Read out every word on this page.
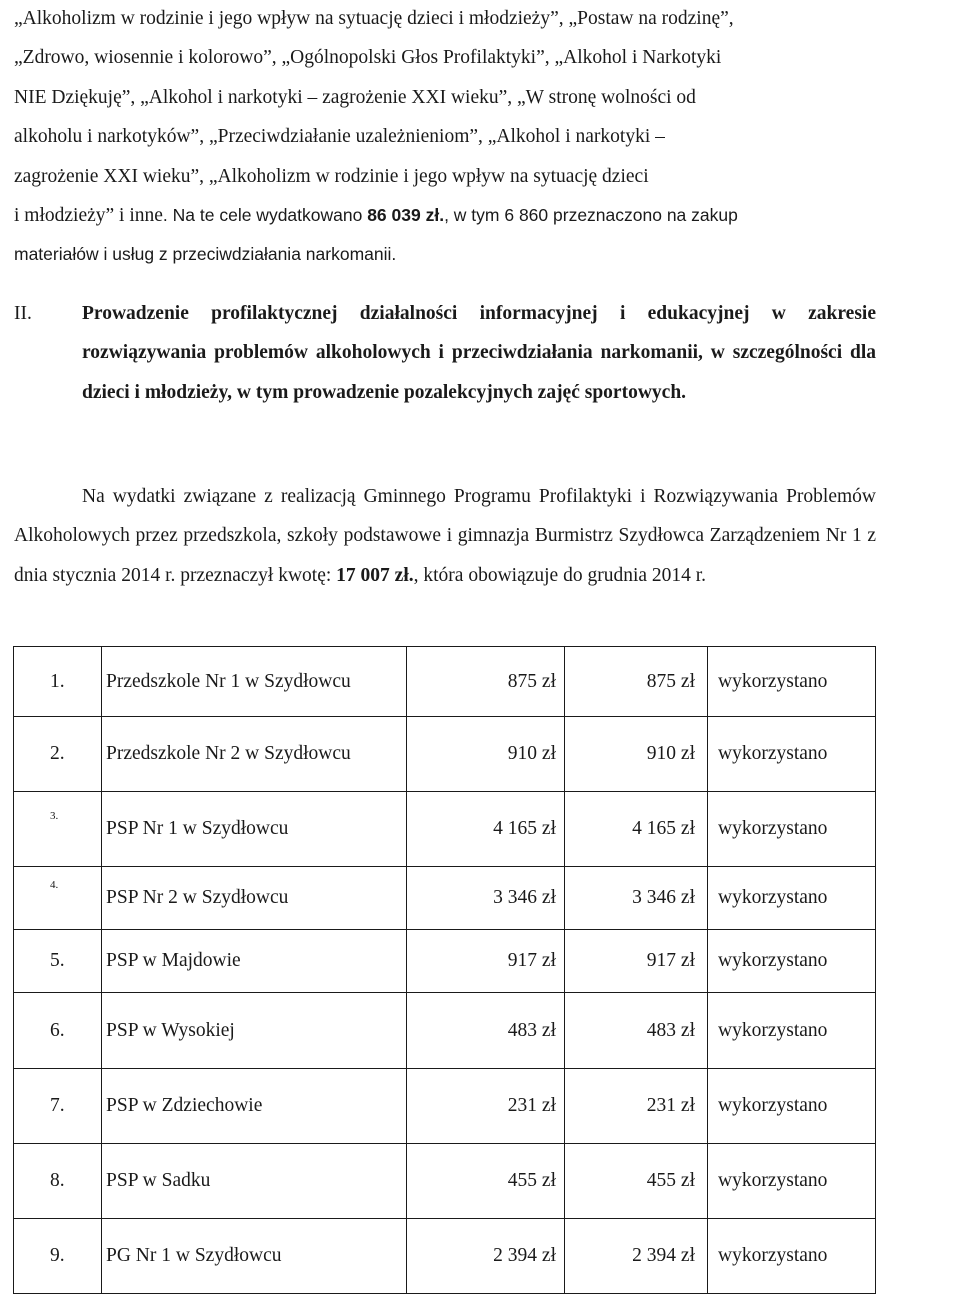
„Alkoholizm w rodzinie i jego wpływ na sytuację dzieci i młodzieży”, „Postaw na rodzinę”,
„Zdrowo, wiosennie i kolorowo”, „Ogólnopolski Głos Profilaktyki”, „Alkohol i Narkotyki
NIE Dziękuję”, „Alkohol i narkotyki – zagrożenie XXI wieku”, „W stronę wolności od
alkoholu i narkotyków”, „Przeciwdziałanie uzależnieniom”, „Alkohol i narkotyki –
zagrożenie XXI wieku”, „Alkoholizm w rodzinie i jego wpływ na sytuację dzieci
i młodzieży” i inne. Na te cele wydatkowano 86 039 zł., w tym 6 860 przeznaczono na zakup
materiałów i usług z przeciwdziałania narkomanii.

II.	Prowadzenie profilaktycznej działalności informacyjnej i edukacyjnej w zakresie rozwiązywania problemów alkoholowych i przeciwdziałania narkomanii, w szczególności dla dzieci i młodzieży, w tym prowadzenie pozalekcyjnych zajęć sportowych.

Na wydatki związane z realizacją Gminnego Programu Profilaktyki i Rozwiązywania Problemów Alkoholowych przez przedszkola, szkoły podstawowe i gimnazja Burmistrz Szydłowca Zarządzeniem Nr 1 z dnia stycznia 2014 r. przeznaczył kwotę: 17 007 zł., która obowiązuje do grudnia 2014 r.

1.	Przedszkole Nr 1 w Szydłowcu	875 zł	875 zł	wykorzystano
2.	Przedszkole Nr 2 w Szydłowcu	910 zł	910 zł	wykorzystano
$^{3.}$	PSP Nr 1 w Szydłowcu	4 165 zł	4 165 zł	wykorzystano
$^{4.}$	PSP Nr 2 w Szydłowcu	3 346 zł	3 346 zł	wykorzystano
5.	PSP w Majdowie	917 zł	917 zł	wykorzystano
6.	PSP w Wysokiej	483 zł	483 zł	wykorzystano
7.	PSP w Zdziechowie	231 zł	231 zł	wykorzystano
8.	PSP w Sadku	455 zł	455 zł	wykorzystano
9.	PG Nr 1 w Szydłowcu	2 394 zł	2 394 zł	wykorzystano
